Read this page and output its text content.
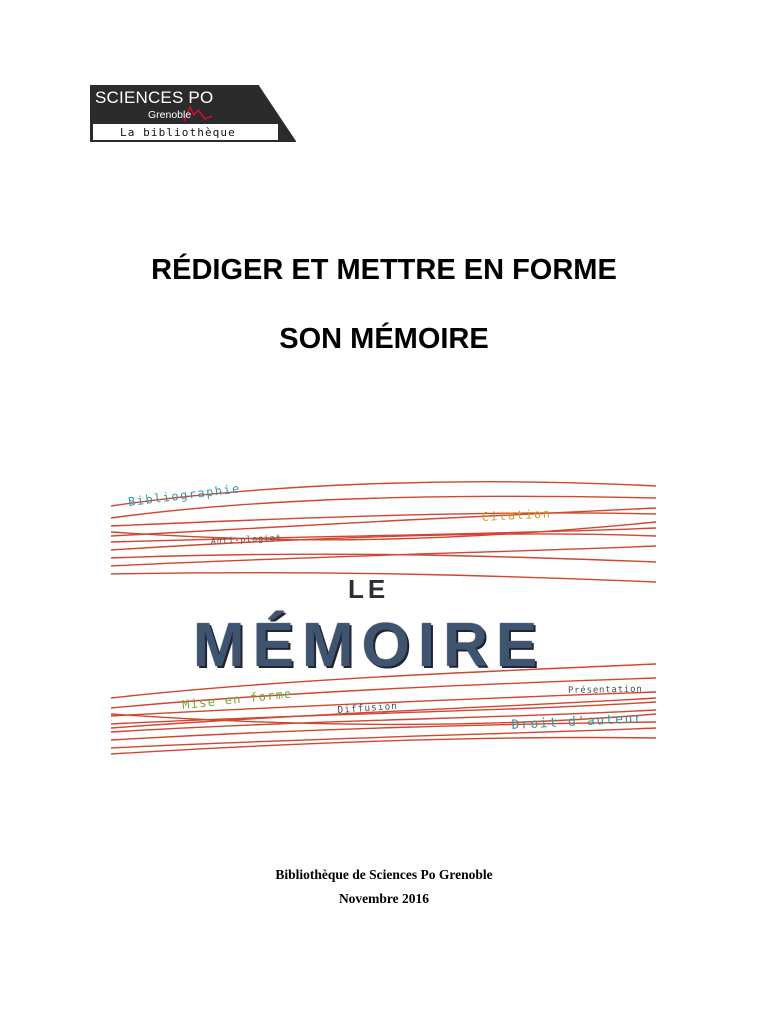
SCIENCES PO
Grenoble
La bibliothèque
RÉDIGER ET METTRE EN FORME
SON MÉMOIRE
Bibliographie
Anti-plagiat
Citation
LE
MÉMOIRE
Mise en forme	Diffusion
Présentation
Droit d'auteur
Bibliothèque de Sciences Po Grenoble
Novembre 2016
